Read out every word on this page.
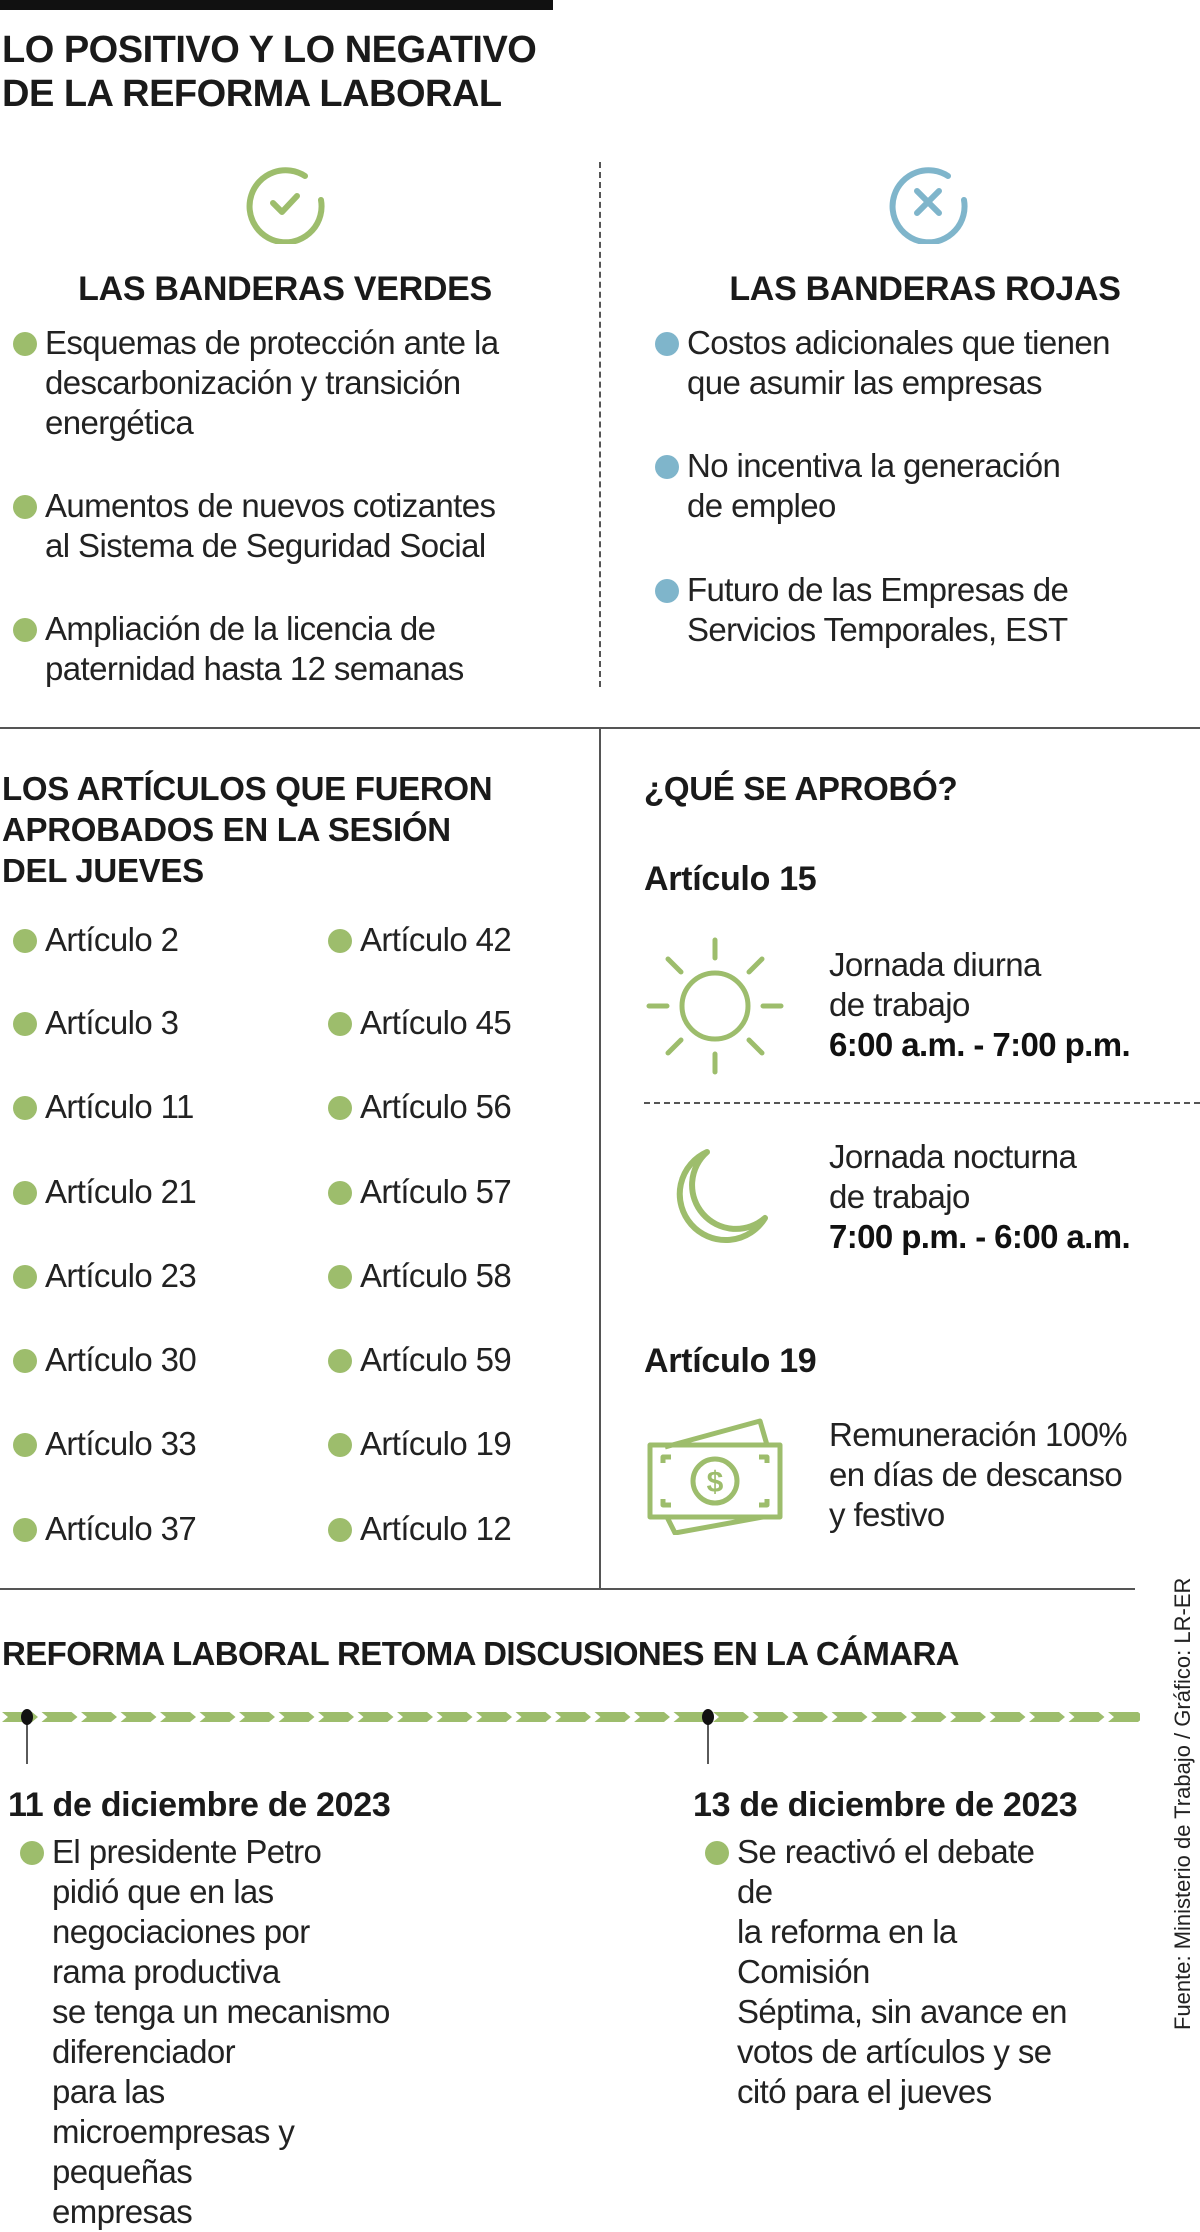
LO POSITIVO Y LO NEGATIVO
DE LA REFORMA LABORAL
LAS BANDERAS VERDES	LAS BANDERAS ROJAS
Esquemas de protección ante la
descarbonización y transición
energética
Aumentos de nuevos cotizantes
al Sistema de Seguridad Social
Ampliación de la licencia de
paternidad hasta 12 semanas
Costos adicionales que tienen
que asumir las empresas
No incentiva la generación
de empleo
Futuro de las Empresas de
Servicios Temporales, EST
LOS ARTÍCULOS QUE FUERON
APROBADOS EN LA SESIÓN
DEL JUEVES
Artículo 2
Artículo 3
Artículo 11
Artículo 21
Artículo 23
Artículo 30
Artículo 33
Artículo 37
Artículo 42
Artículo 45
Artículo 56
Artículo 57
Artículo 58
Artículo 59
Artículo 19
Artículo 12
¿QUÉ SE APROBÓ?
Artículo 15
Jornada diurna
de trabajo
6:00 a.m. - 7:00 p.m.
Jornada nocturna
de trabajo
7:00 p.m. - 6:00 a.m.
Artículo 19
$
Remuneración 100%
en días de descanso
y festivo
REFORMA LABORAL RETOMA DISCUSIONES EN LA CÁMARA
11 de diciembre de 2023
El presidente Petro pidió que en las
negociaciones por rama productiva
se tenga un mecanismo diferenciador
para las microempresas y pequeñas
empresas
13 de diciembre de 2023
Se reactivó el debate de
la reforma en la Comisión
Séptima, sin avance en
votos de artículos y se
citó para el jueves
Fuente: Ministerio de Trabajo / Gráfico: LR-ER
